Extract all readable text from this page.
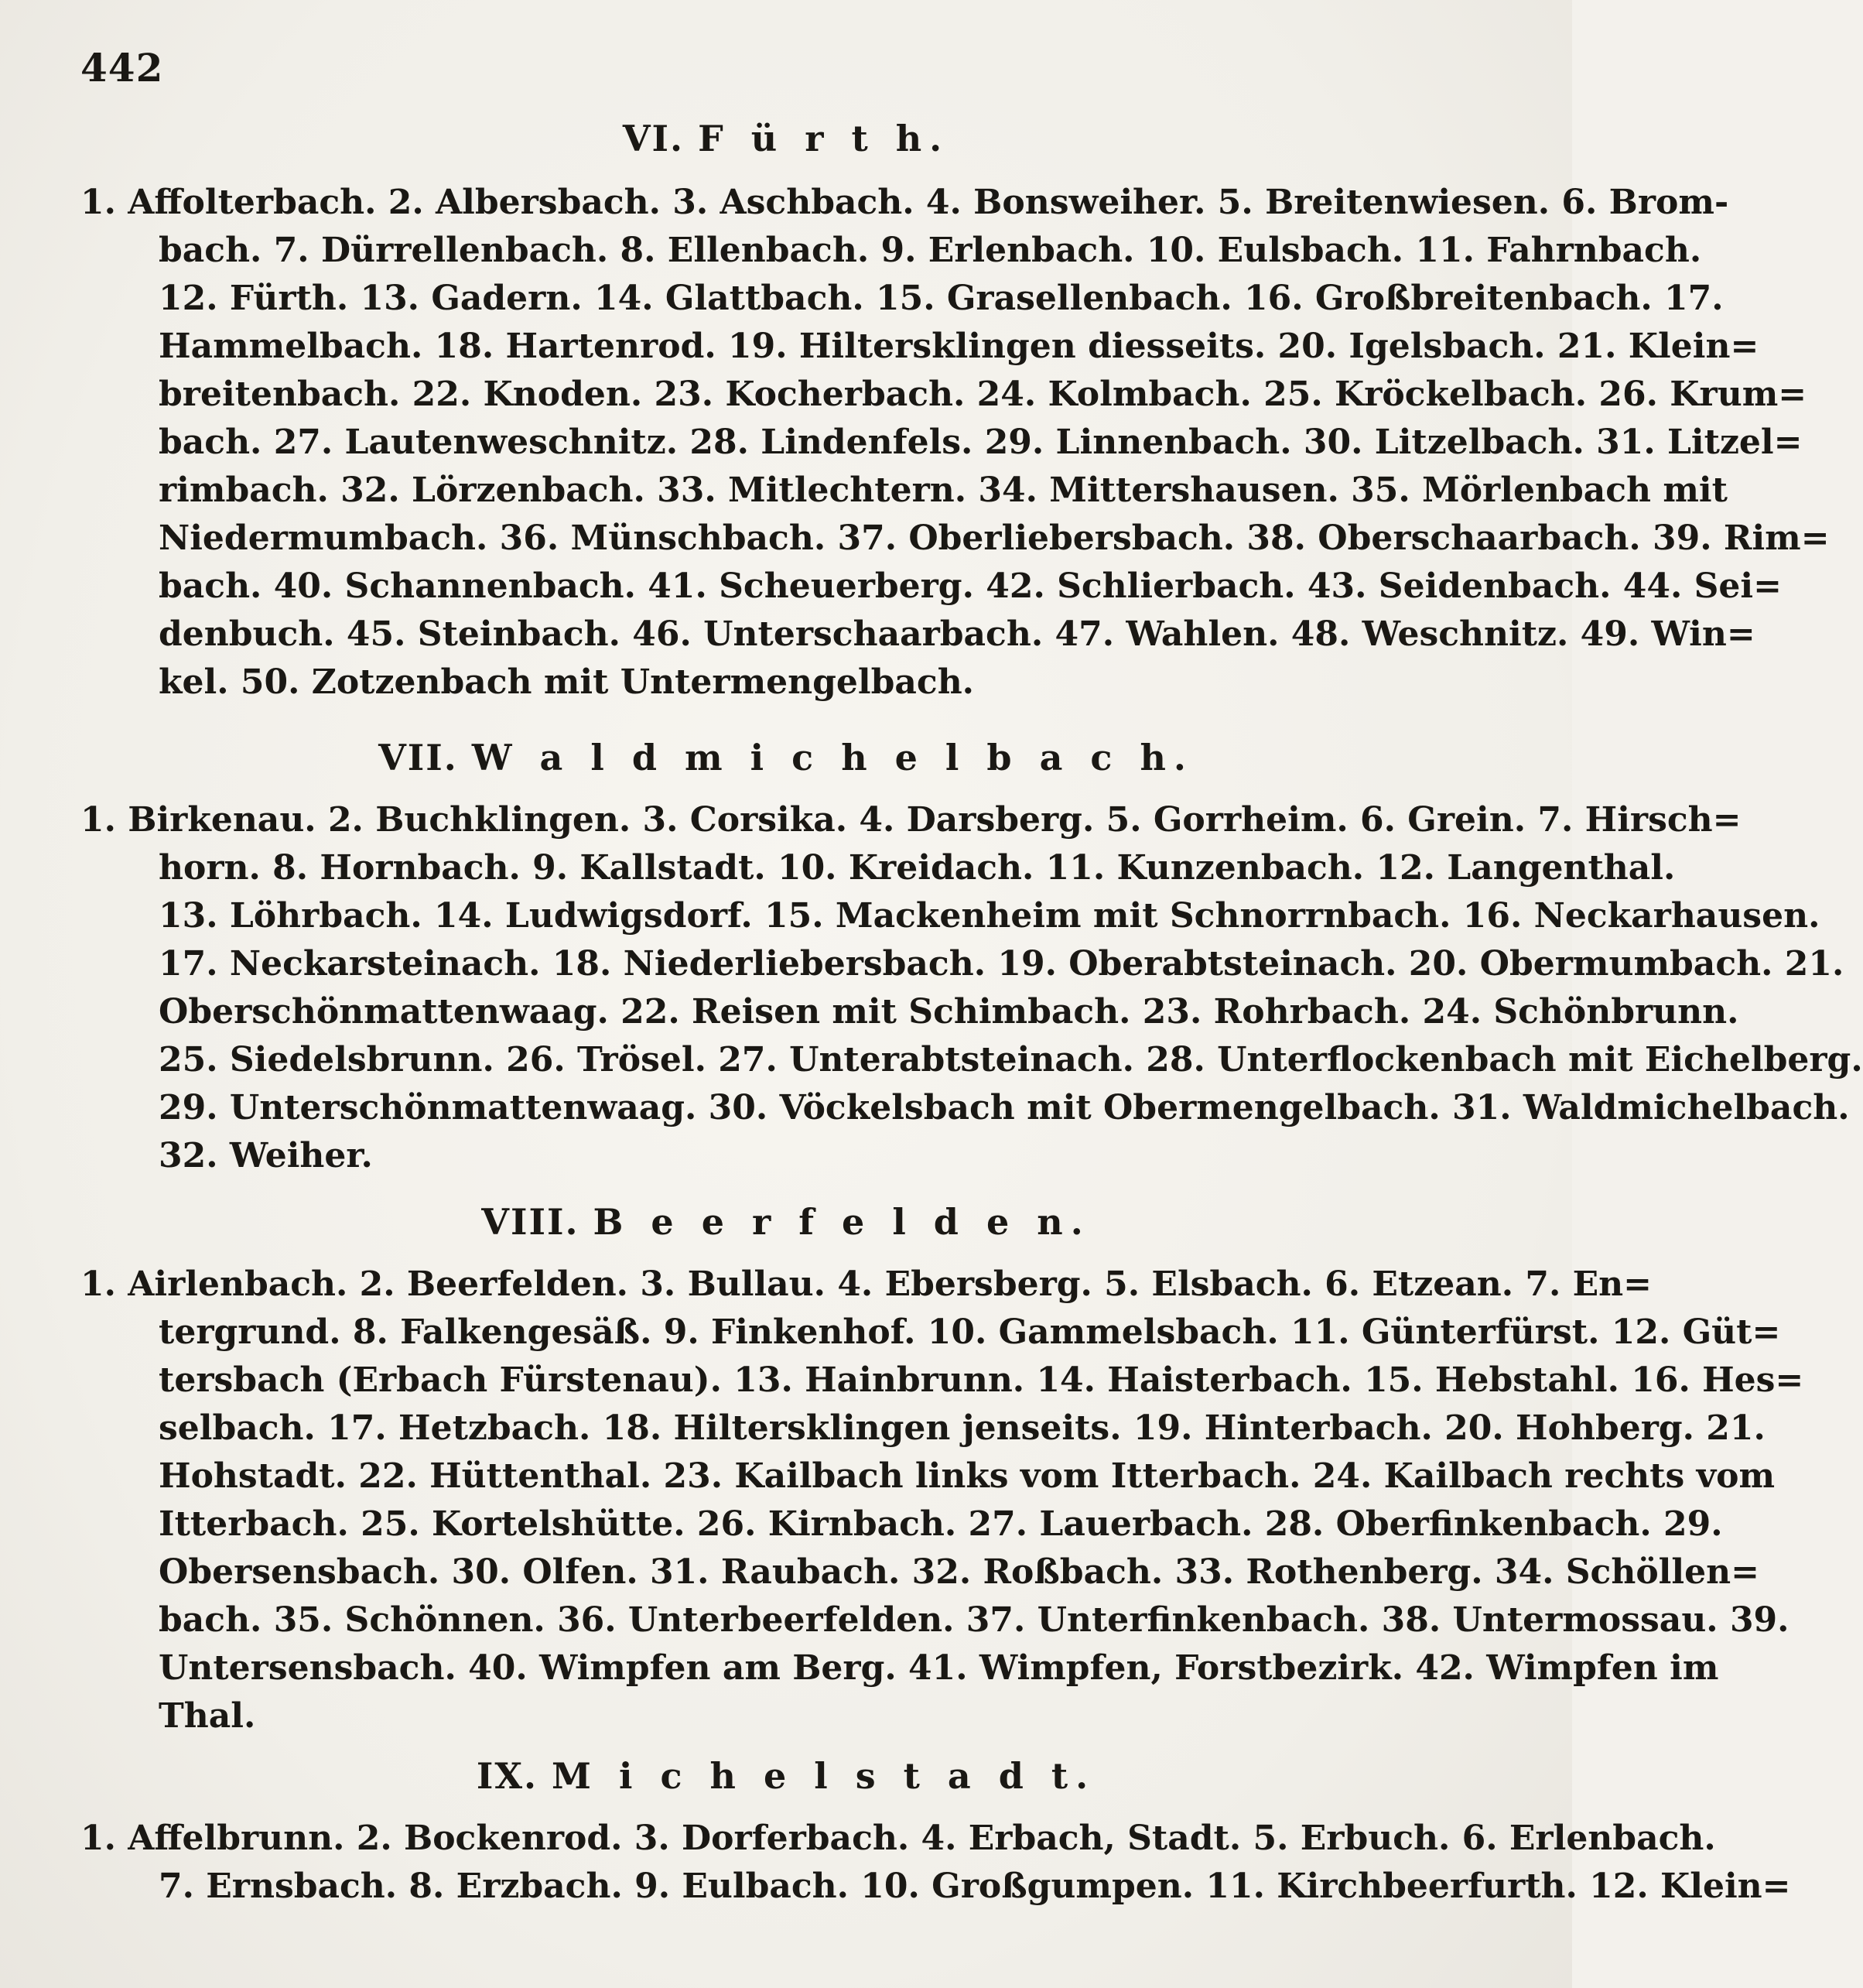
442
VI. F ü r t h.
1. Affolterbach. 2. Albersbach. 3. Aschbach. 4. Bonsweiher. 5. Breitenwiesen. 6. Brom-
bach. 7. Dürrellenbach. 8. Ellenbach. 9. Erlenbach. 10. Eulsbach. 11. Fahrnbach.
12. Fürth. 13. Gadern. 14. Glattbach. 15. Grasellenbach. 16. Großbreitenbach. 17.
Hammelbach. 18. Hartenrod. 19. Hiltersklingen diesseits. 20. Igelsbach. 21. Klein=
breitenbach. 22. Knoden. 23. Kocherbach. 24. Kolmbach. 25. Kröckelbach. 26. Krum=
bach. 27. Lautenweschnitz. 28. Lindenfels. 29. Linnenbach. 30. Litzelbach. 31. Litzel=
rimbach. 32. Lörzenbach. 33. Mitlechtern. 34. Mittershausen. 35. Mörlenbach mit
Niedermumbach. 36. Münschbach. 37. Oberliebersbach. 38. Oberschaarbach. 39. Rim=
bach. 40. Schannenbach. 41. Scheuerberg. 42. Schlierbach. 43. Seidenbach. 44. Sei=
denbuch. 45. Steinbach. 46. Unterschaarbach. 47. Wahlen. 48. Weschnitz. 49. Win=
kel. 50. Zotzenbach mit Untermengelbach.
VII. W a l d m i c h e l b a c h.
1. Birkenau. 2. Buchklingen. 3. Corsika. 4. Darsberg. 5. Gorrheim. 6. Grein. 7. Hirsch=
horn. 8. Hornbach. 9. Kallstadt. 10. Kreidach. 11. Kunzenbach. 12. Langenthal.
13. Löhrbach. 14. Ludwigsdorf. 15. Mackenheim mit Schnorrnbach. 16. Neckarhausen.
17. Neckarsteinach. 18. Niederliebersbach. 19. Oberabtsteinach. 20. Obermumbach. 21.
Oberschönmattenwaag. 22. Reisen mit Schimbach. 23. Rohrbach. 24. Schönbrunn.
25. Siedelsbrunn. 26. Trösel. 27. Unterabtsteinach. 28. Unterflockenbach mit Eichelberg.
29. Unterschönmattenwaag. 30. Vöckelsbach mit Obermengelbach. 31. Waldmichelbach.
32. Weiher.
VIII. B e e r f e l d e n.
1. Airlenbach. 2. Beerfelden. 3. Bullau. 4. Ebersberg. 5. Elsbach. 6. Etzean. 7. En=
tergrund. 8. Falkengesäß. 9. Finkenhof. 10. Gammelsbach. 11. Günterfürst. 12. Güt=
tersbach (Erbach Fürstenau). 13. Hainbrunn. 14. Haisterbach. 15. Hebstahl. 16. Hes=
selbach. 17. Hetzbach. 18. Hiltersklingen jenseits. 19. Hinterbach. 20. Hohberg. 21.
Hohstadt. 22. Hüttenthal. 23. Kailbach links vom Itterbach. 24. Kailbach rechts vom
Itterbach. 25. Kortelshütte. 26. Kirnbach. 27. Lauerbach. 28. Oberfinkenbach. 29.
Obersensbach. 30. Olfen. 31. Raubach. 32. Roßbach. 33. Rothenberg. 34. Schöllen=
bach. 35. Schönnen. 36. Unterbeerfelden. 37. Unterfinkenbach. 38. Untermossau. 39.
Untersensbach. 40. Wimpfen am Berg. 41. Wimpfen, Forstbezirk. 42. Wimpfen im
Thal.
IX. M i c h e l s t a d t.
1. Affelbrunn. 2. Bockenrod. 3. Dorferbach. 4. Erbach, Stadt. 5. Erbuch. 6. Erlenbach.
7. Ernsbach. 8. Erzbach. 9. Eulbach. 10. Großgumpen. 11. Kirchbeerfurth. 12. Klein=
